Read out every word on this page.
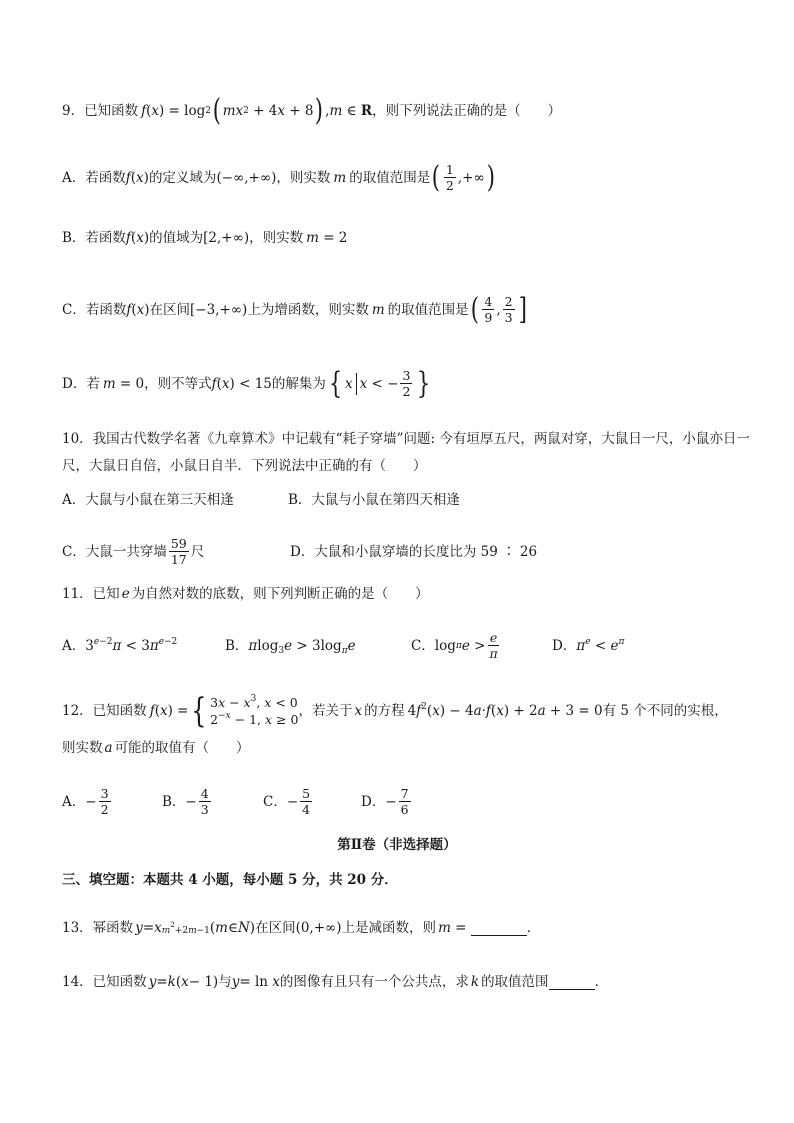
9．已知函数 f ( x ) = log 2 ( mx 2 + 4 x + 8 ) , m ∈ R ，则下列说法正确的是（　　）
A．若函数 f ( x ) 的定义域为 (−∞,+∞) ，则实数 m 的取值范围是 ( $\frac{1}{2}$ ,+∞ )
B．若函数 f ( x ) 的值域为 [2,+∞) ，则实数 m = 2
C．若函数 f ( x ) 在区间 [−3,+∞) 上为增函数，则实数 m 的取值范围是 ( $\frac{4}{9}$ , $\frac{2}{3}$ ]
D．若 m = 0 ，则不等式 f ( x ) < 15 的解集为 { x x < − $\frac{3}{2}$ }
10．我国古代数学名著《九章算术》中记载有“耗子穿墙”问题: 今有垣厚五尺，两鼠对穿，大鼠日一尺，小鼠亦日一尺，大鼠日自倍，小鼠日自半．下列说法中正确的有（　　）
A．大鼠与小鼠在第三天相逢	B．大鼠与小鼠在第四天相逢
C．大鼠一共穿墙 $\frac{59}{17}$ 尺	D．大鼠和小鼠穿墙的长度比为 59 ∶ 26
11．已知 e 为自然对数的底数，则下列判断正确的是（　　）
A．$3^{e-2}\pi < 3\pi^{e-2}$	B．$\pi\log_3e > 3\log_\pi e$	C． log π $e > \frac{e}{\pi}$	D．$\pi^e < e^\pi$
12．已知函数 f ( x ) = { $3x - x^3$, x < 0
$2^{-x} - 1$, x ≥ 0
，若关于 x 的方程 $4f^2(x) - 4a\cdot f(x) + 2a + 3 = 0$ 有 5 个不同的实根，
则实数 a 可能的取值有（　　）
A． − $\frac{3}{2}$	B． − $\frac{4}{3}$	C． − $\frac{5}{4}$	D． − $\frac{7}{6}$
第Ⅱ卷（非选择题）
三、填空题：本题共 4 小题，每小题 5 分，共 20 分．
13．幂函数 y = x $m^2+2m-1$ ( m ∈ N ) 在区间 (0,+∞) 上是减函数，则 m =	．
14．已知函数 y = k ( x − 1) 与 y = ln x 的图像有且只有一个公共点，求 k 的取值范围	．
